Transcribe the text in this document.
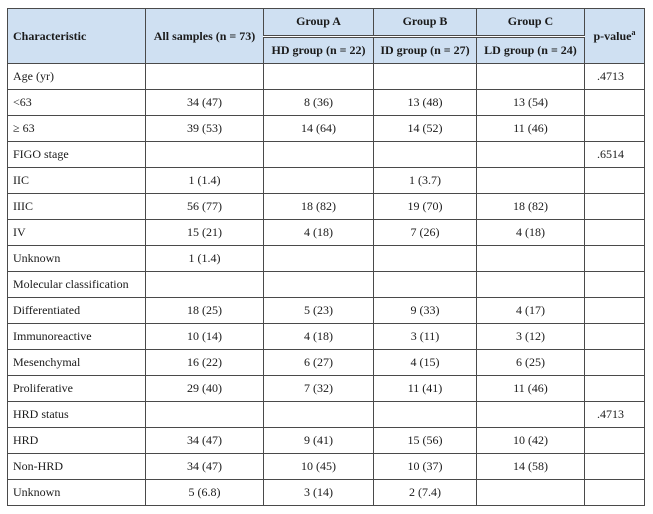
Characteristic	All samples (n = 73)	Group A	Group B	Group C	p-value$^a$
		HD group (n = 22)	ID group (n = 27)	LD group (n = 24)	
Age (yr)					.4713
<63	34 (47)	8 (36)	13 (48)	13 (54)	
≥ 63	39 (53)	14 (64)	14 (52)	11 (46)	
FIGO stage					.6514
IIC	1 (1.4)		1 (3.7)		
IIIC	56 (77)	18 (82)	19 (70)	18 (82)	
IV	15 (21)	4 (18)	7 (26)	4 (18)	
Unknown	1 (1.4)				
Molecular classification					
Differentiated	18 (25)	5 (23)	9 (33)	4 (17)	
Immunoreactive	10 (14)	4 (18)	3 (11)	3 (12)	
Mesenchymal	16 (22)	6 (27)	4 (15)	6 (25)	
Proliferative	29 (40)	7 (32)	11 (41)	11 (46)	
HRD status					.4713
HRD	34 (47)	9 (41)	15 (56)	10 (42)	
Non-HRD	34 (47)	10 (45)	10 (37)	14 (58)	
Unknown	5 (6.8)	3 (14)	2 (7.4)		
